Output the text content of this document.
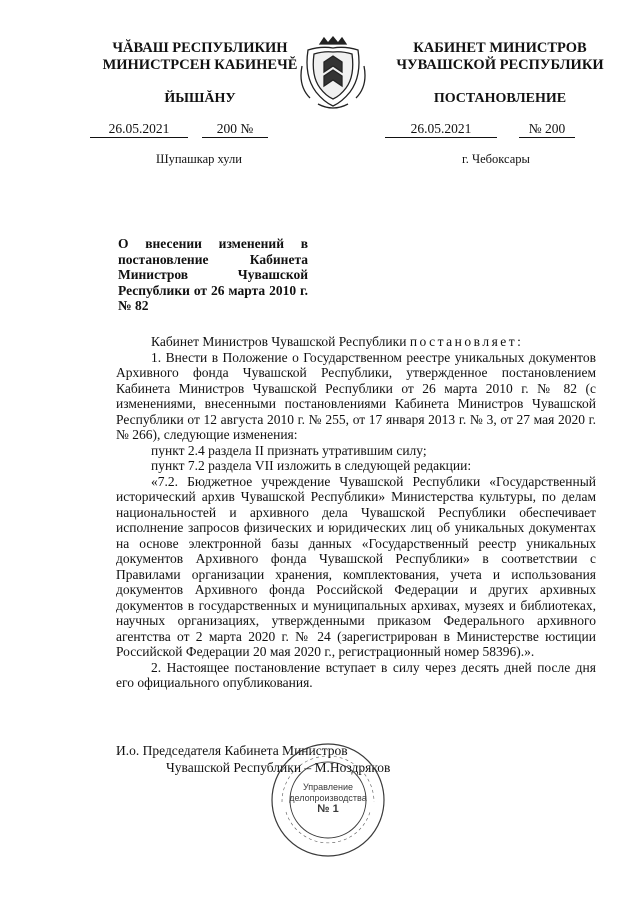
ЧĂВАШ РЕСПУБЛИКИН
МИНИСТРСЕН КАБИНЕЧĔ
ЙЫШĂНУ
26.05.2021	200 №
Шупашкар хули
КАБИНЕТ МИНИСТРОВ
ЧУВАШСКОЙ РЕСПУБЛИКИ
ПОСТАНОВЛЕНИЕ
26.05.2021	№ 200
г. Чебоксары
О внесении изменений в постановление Кабинета Министров Чувашской Республики от 26 марта 2010 г. № 82

Кабинет Министров Чувашской Республики постановляет:

1. Внести в Положение о Государственном реестре уникальных документов Архивного фонда Чувашской Республики, утвержденное постановлением Кабинета Министров Чувашской Республики от 26 марта 2010 г. № 82 (с изменениями, внесенными постановлениями Кабинета Министров Чувашской Республики от 12 августа 2010 г. № 255, от 17 января 2013 г. № 3, от 27 мая 2020 г. № 266), следующие изменения:

пункт 2.4 раздела II признать утратившим силу;

пункт 7.2 раздела VII изложить в следующей редакции:

«7.2. Бюджетное учреждение Чувашской Республики «Государственный исторический архив Чувашской Республики» Министерства культуры, по делам национальностей и архивного дела Чувашской Республики обеспечивает исполнение запросов физических и юридических лиц об уникальных документах на основе электронной базы данных «Государственный реестр уникальных документов Архивного фонда Чувашской Республики» в соответствии с Правилами организации хранения, комплектования, учета и использования документов Архивного фонда Российской Федерации и других архивных документов в государственных и муниципальных архивах, музеях и библиотеках, научных организациях, утвержденными приказом Федерального архивного агентства от 2 марта 2020 г. № 24 (зарегистрирован в Министерстве юстиции Российской Федерации 20 мая 2020 г., регистрационный номер 58396).».

2. Настоящее постановление вступает в силу через десять дней после дня его официального опубликования.

И.о. Председателя Кабинета Министров
Чувашской Республики – М.Ноздряков
Управление
делопроизводства
№ 1
